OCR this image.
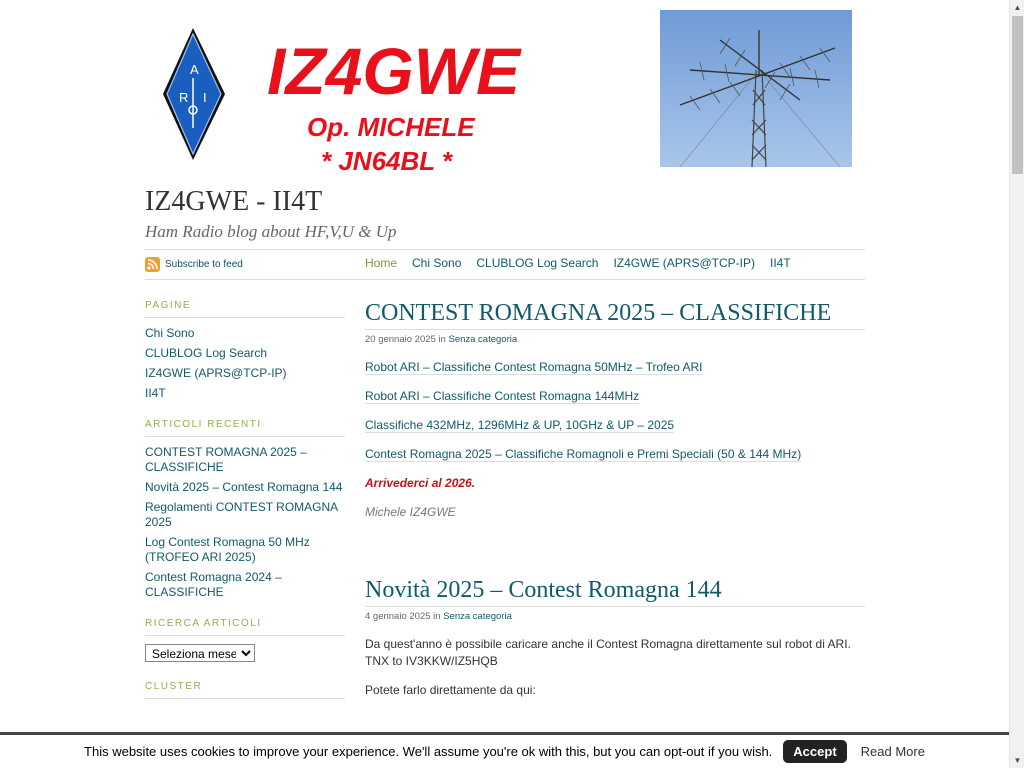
A
R I IZ4GWE
Op. MICHELE
* JN64BL *
IZ4GWE - II4T
Ham Radio blog about HF,V,U & Up
Subscribe to feed	Home Chi Sono CLUBLOG Log Search IZ4GWE (APRS@TCP-IP) II4T
PAGINE
Chi Sono
CLUBLOG Log Search
IZ4GWE (APRS@TCP-IP)
II4T
ARTICOLI RECENTI
CONTEST ROMAGNA 2025 – CLASSIFICHE
Novità 2025 – Contest Romagna 144
Regolamenti CONTEST ROMAGNA 2025
Log Contest Romagna 50 MHz (TROFEO ARI 2025)
Contest Romagna 2024 – CLASSIFICHE
RICERCA ARTICOLI
Seleziona mese
CLUSTER
CONTEST ROMAGNA 2025 – CLASSIFICHE
20 gennaio 2025 in Senza categoria

Robot ARI – Classifiche Contest Romagna 50MHz – Trofeo ARI

Robot ARI – Classifiche Contest Romagna 144MHz

Classifiche 432MHz, 1296MHz & UP, 10GHz & UP – 2025

Contest Romagna 2025 – Classifiche Romagnoli e Premi Speciali (50 & 144 MHz)

Arrivederci al 2026.

Michele IZ4GWE

Novità 2025 – Contest Romagna 144
4 gennaio 2025 in Senza categoria

Da quest'anno è possibile caricare anche il Contest Romagna direttamente sul robot di ARI. TNX to IV3KKW/IZ5HQB

Potete farlo direttamente da qui:

This website uses cookies to improve your experience. We'll assume you're ok with this, but you can opt-out if you wish.	Accept	Read More
▲
▼
